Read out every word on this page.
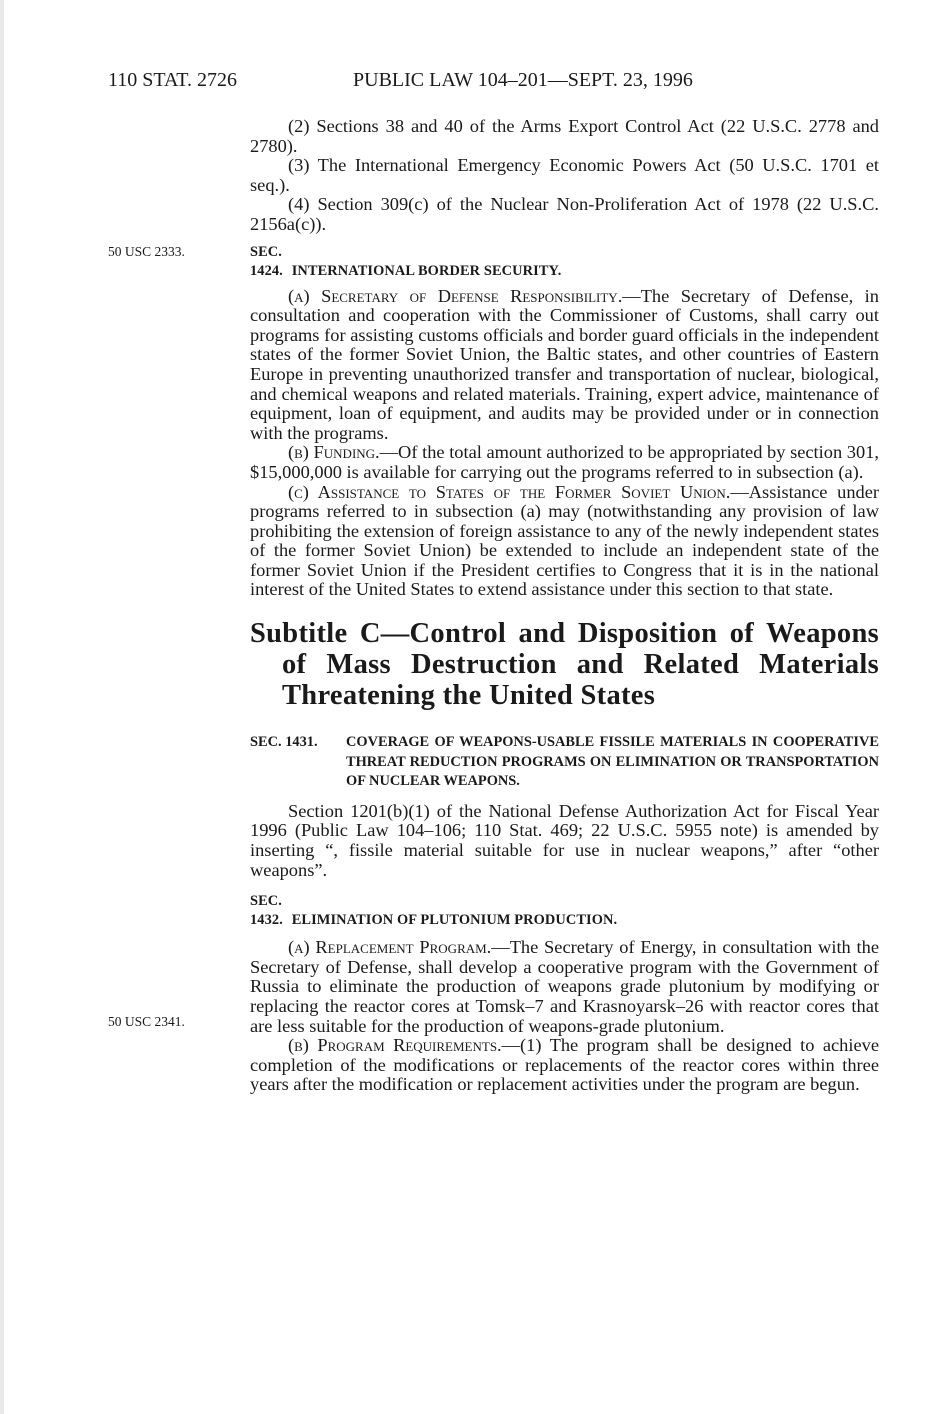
110 STAT. 2726	PUBLIC LAW 104–201—SEPT. 23, 1996
50 USC 2333.
50 USC 2341.

(2) Sections 38 and 40 of the Arms Export Control Act (22 U.S.C. 2778 and 2780).

(3) The International Emergency Economic Powers Act (50 U.S.C. 1701 et seq.).

(4) Section 309(c) of the Nuclear Non-Proliferation Act of 1978 (22 U.S.C. 2156a(c)).

SEC. 1424. INTERNATIONAL BORDER SECURITY.

(a) Secretary of Defense Responsibility.—The Secretary of Defense, in consultation and cooperation with the Commissioner of Customs, shall carry out programs for assisting customs officials and border guard officials in the independent states of the former Soviet Union, the Baltic states, and other countries of Eastern Europe in preventing unauthorized transfer and transportation of nuclear, biological, and chemical weapons and related materials. Training, expert advice, maintenance of equipment, loan of equipment, and audits may be provided under or in connection with the programs.

(b) Funding.—Of the total amount authorized to be appropriated by section 301, $15,000,000 is available for carrying out the programs referred to in subsection (a).

(c) Assistance to States of the Former Soviet Union.—Assistance under programs referred to in subsection (a) may (notwithstanding any provision of law prohibiting the extension of foreign assistance to any of the newly independent states of the former Soviet Union) be extended to include an independent state of the former Soviet Union if the President certifies to Congress that it is in the national interest of the United States to extend assistance under this section to that state.

Subtitle C—Control and Disposition of Weapons of Mass Destruction and Related Materials Threatening the United States
SEC. 1431.	COVERAGE OF WEAPONS-USABLE FISSILE MATERIALS IN COOPERATIVE THREAT REDUCTION PROGRAMS ON ELIMINATION OR TRANSPORTATION OF NUCLEAR WEAPONS.

Section 1201(b)(1) of the National Defense Authorization Act for Fiscal Year 1996 (Public Law 104–106; 110 Stat. 469; 22 U.S.C. 5955 note) is amended by inserting “, fissile material suitable for use in nuclear weapons,” after “other weapons”.

SEC. 1432. ELIMINATION OF PLUTONIUM PRODUCTION.

(a) Replacement Program.—The Secretary of Energy, in consultation with the Secretary of Defense, shall develop a cooperative program with the Government of Russia to eliminate the production of weapons grade plutonium by modifying or replacing the reactor cores at Tomsk–7 and Krasnoyarsk–26 with reactor cores that are less suitable for the production of weapons-grade plutonium.

(b) Program Requirements.—(1) The program shall be designed to achieve completion of the modifications or replacements of the reactor cores within three years after the modification or replacement activities under the program are begun.
